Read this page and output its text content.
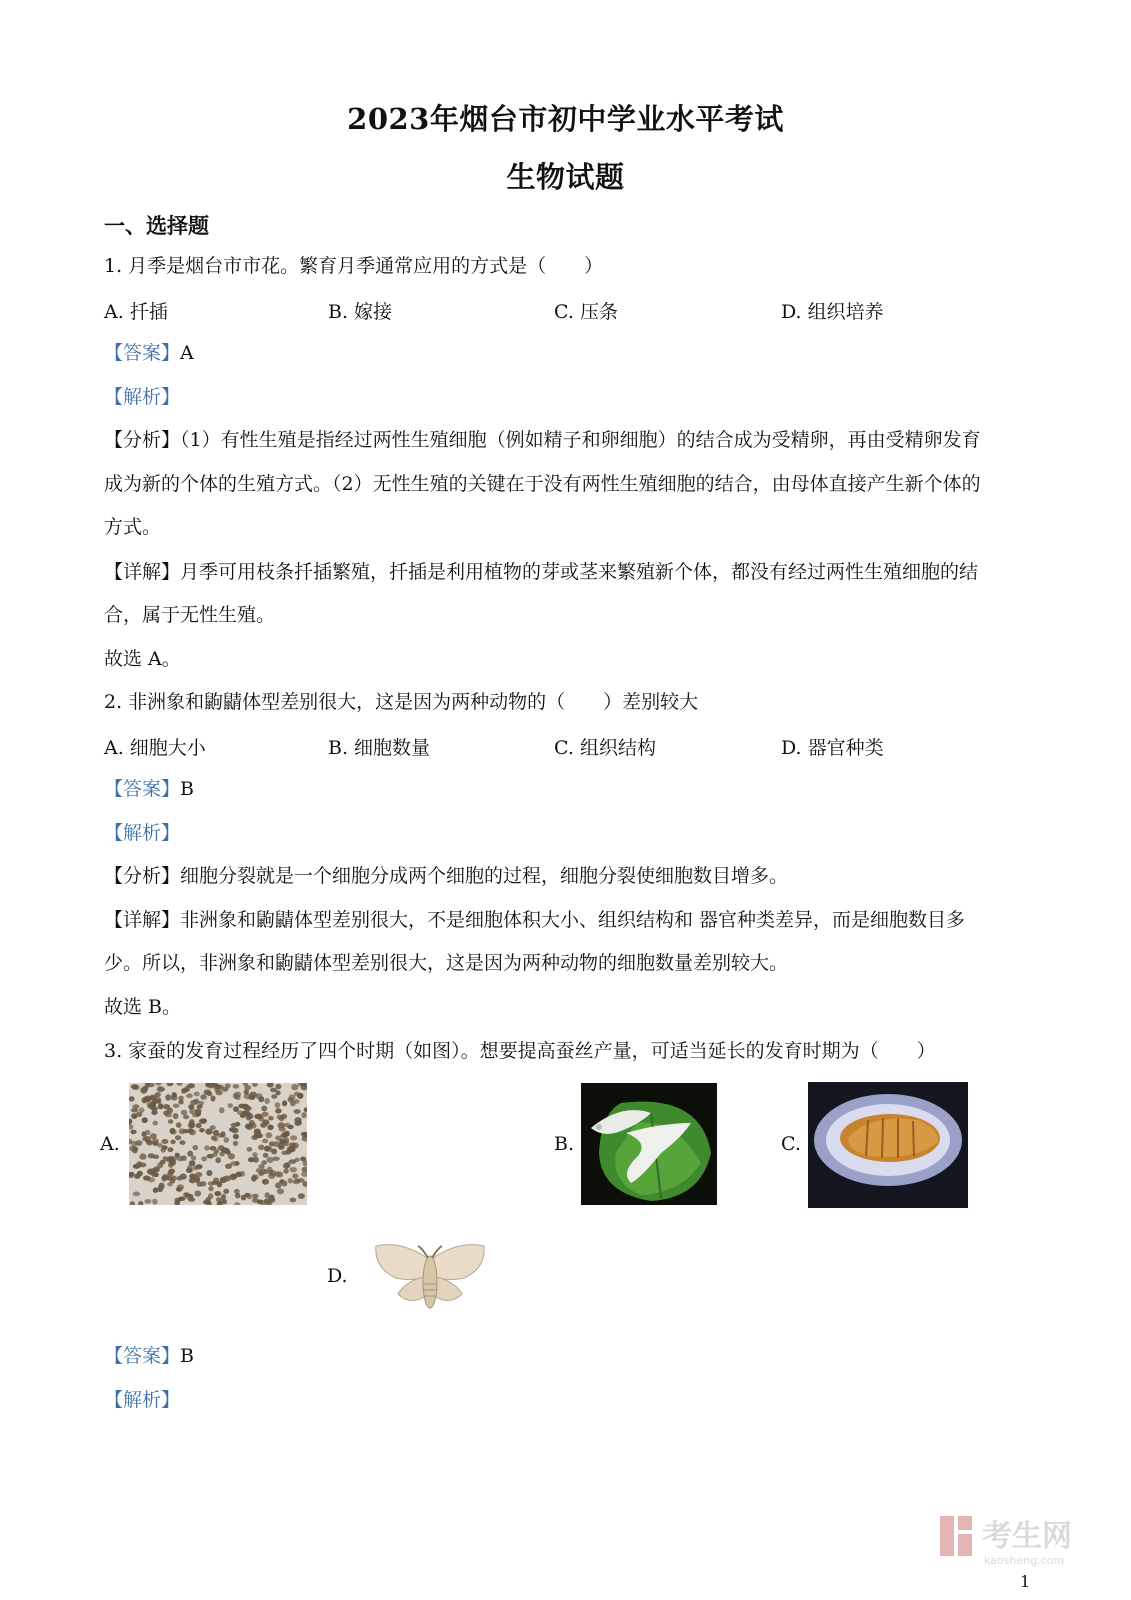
2023年烟台市初中学业水平考试
生物试题
一、选择题
1. 月季是烟台市市花。繁育月季通常应用的方式是（　　）
A. 扦插	B. 嫁接	C. 压条	D. 组织培养
【答案】A
【解析】
【分析】（1）有性生殖是指经过两性生殖细胞（例如精子和卵细胞）的结合成为受精卵，再由受精卵发育
成为新的个体的生殖方式。（2）无性生殖的关键在于没有两性生殖细胞的结合，由母体直接产生新个体的
方式。
【详解】月季可用枝条扦插繁殖，扦插是利用植物的芽或茎来繁殖新个体，都没有经过两性生殖细胞的结
合，属于无性生殖。
故选 A。
2. 非洲象和鼩鼱体型差别很大，这是因为两种动物的（　　）差别较大
A. 细胞大小	B. 细胞数量	C. 组织结构	D. 器官种类
【答案】B
【解析】
【分析】细胞分裂就是一个细胞分成两个细胞的过程，细胞分裂使细胞数目增多。
【详解】非洲象和鼩鼱体型差别很大，不是细胞体积大小、组织结构和 器官种类差异，而是细胞数目多
少。所以，非洲象和鼩鼱体型差别很大，这是因为两种动物的细胞数量差别较大。
故选 B。
3. 家蚕的发育过程经历了四个时期（如图）。想要提高蚕丝产量，可适当延长的发育时期为（　　）
A.	B.	C.
D.
【答案】B
【解析】
考生网
kaosheng.com
1
